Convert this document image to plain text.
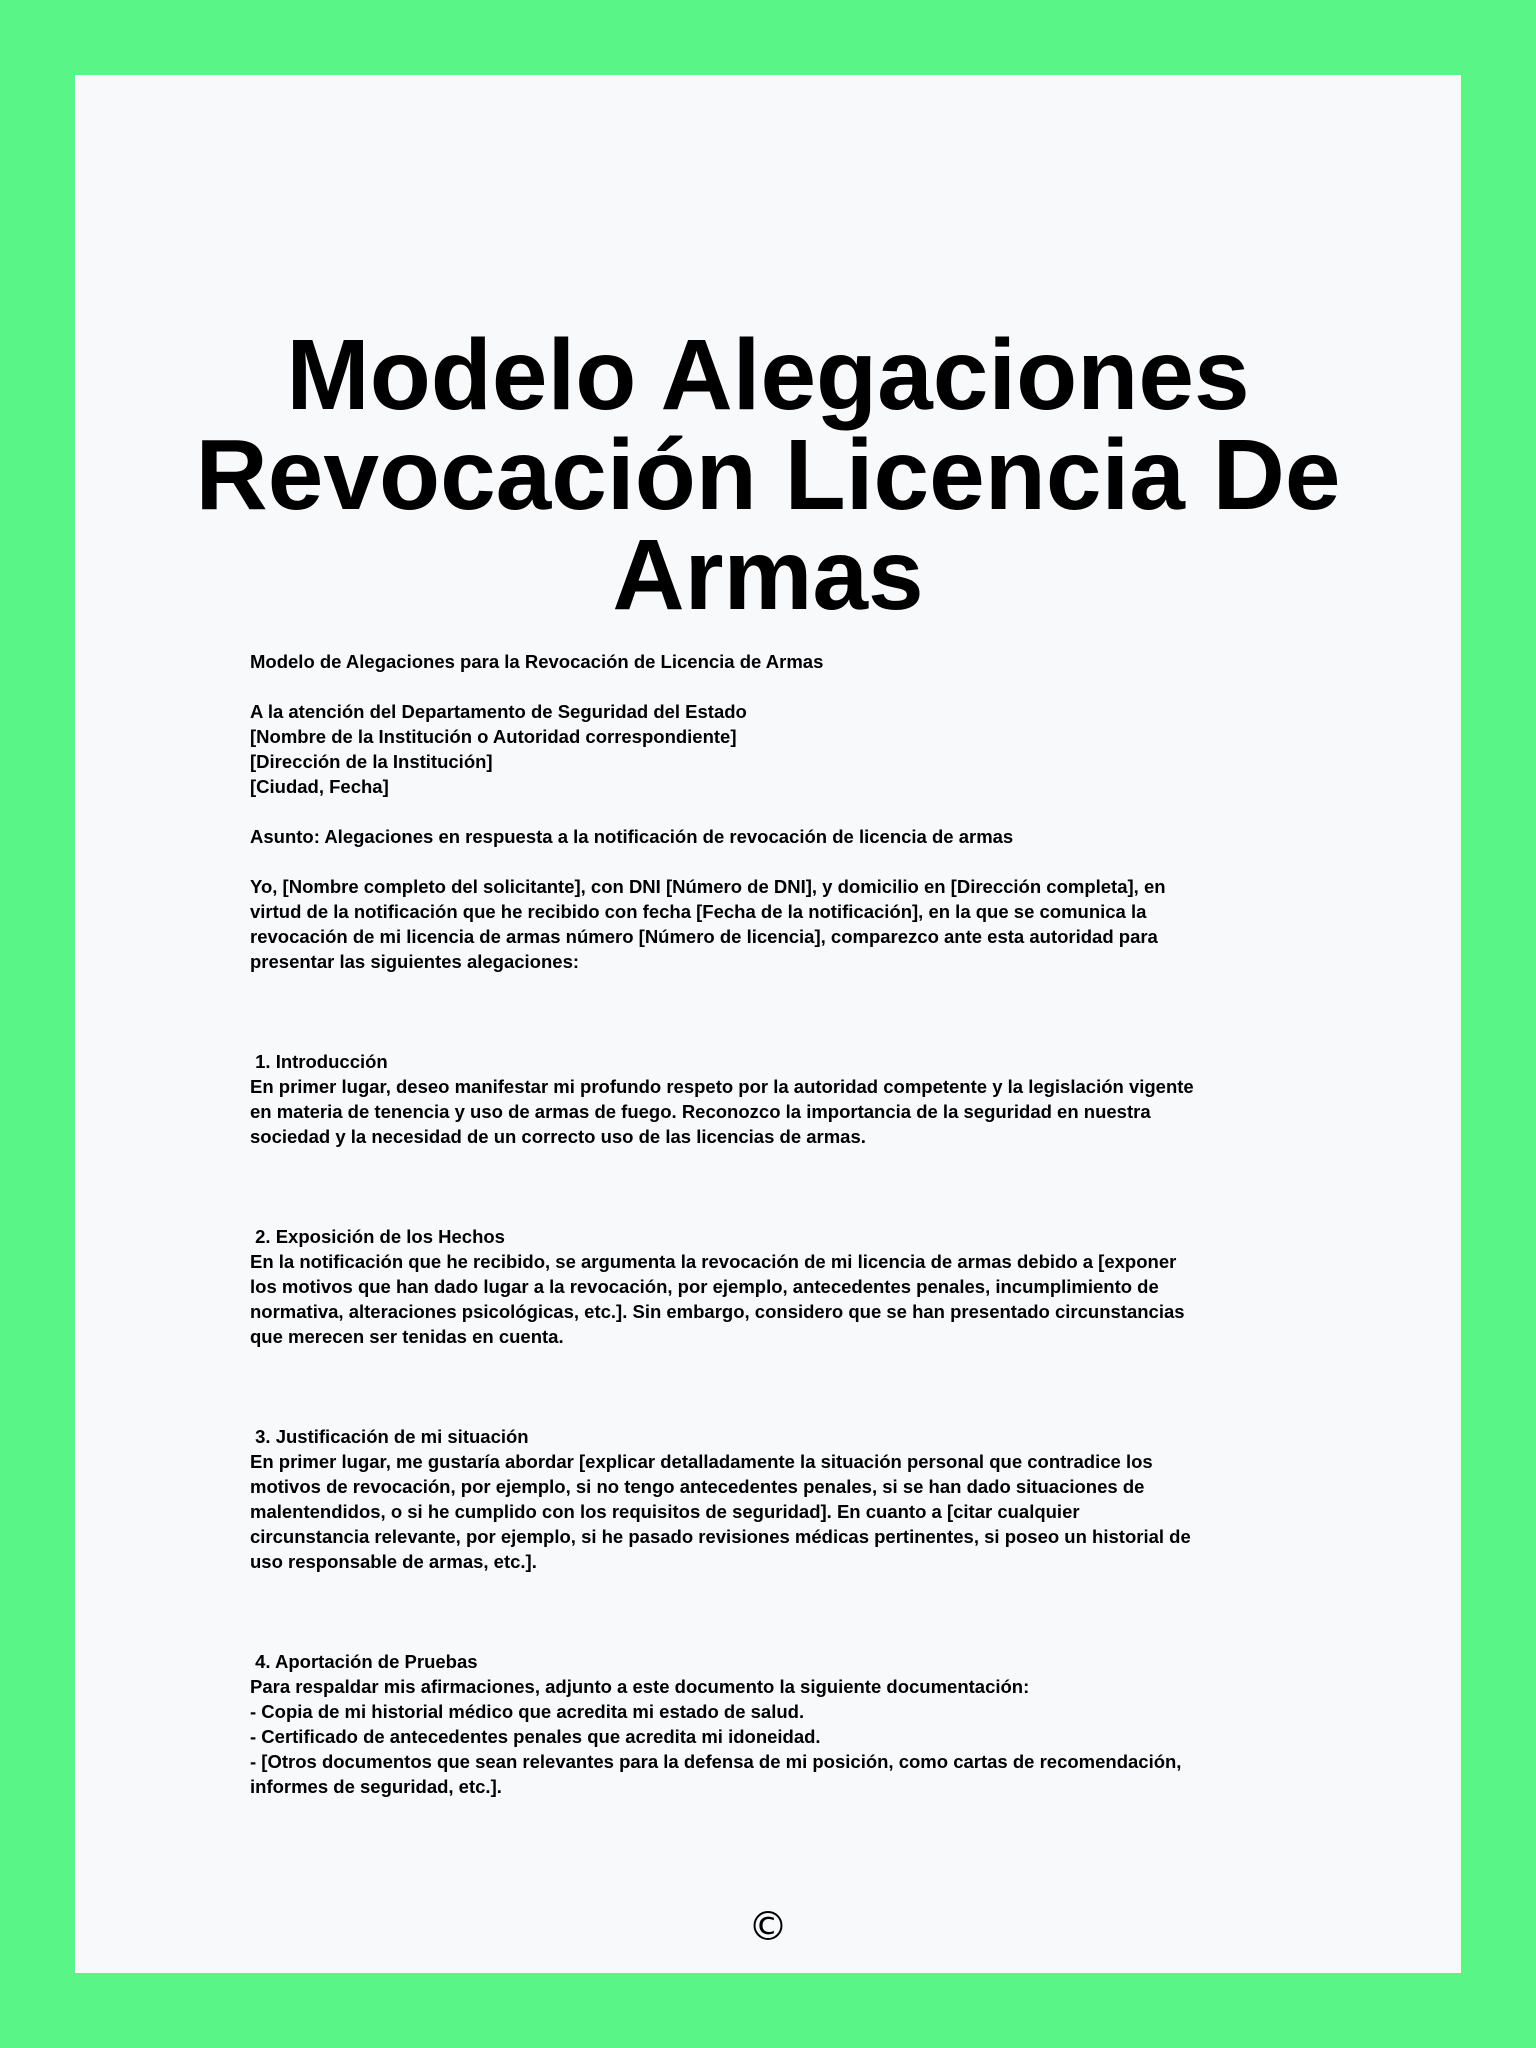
Modelo Alegaciones
Revocación Licencia De
Armas
Modelo de Alegaciones para la Revocación de Licencia de Armas
A la atención del Departamento de Seguridad del Estado
[Nombre de la Institución o Autoridad correspondiente]
[Dirección de la Institución]
[Ciudad, Fecha]
Asunto: Alegaciones en respuesta a la notificación de revocación de licencia de armas
Yo, [Nombre completo del solicitante], con DNI [Número de DNI], y domicilio en [Dirección completa], en
virtud de la notificación que he recibido con fecha [Fecha de la notificación], en la que se comunica la
revocación de mi licencia de armas número [Número de licencia], comparezco ante esta autoridad para
presentar las siguientes alegaciones:
1. Introducción
En primer lugar, deseo manifestar mi profundo respeto por la autoridad competente y la legislación vigente
en materia de tenencia y uso de armas de fuego. Reconozco la importancia de la seguridad en nuestra
sociedad y la necesidad de un correcto uso de las licencias de armas.
2. Exposición de los Hechos
En la notificación que he recibido, se argumenta la revocación de mi licencia de armas debido a [exponer
los motivos que han dado lugar a la revocación, por ejemplo, antecedentes penales, incumplimiento de
normativa, alteraciones psicológicas, etc.]. Sin embargo, considero que se han presentado circunstancias
que merecen ser tenidas en cuenta.
3. Justificación de mi situación
En primer lugar, me gustaría abordar [explicar detalladamente la situación personal que contradice los
motivos de revocación, por ejemplo, si no tengo antecedentes penales, si se han dado situaciones de
malentendidos, o si he cumplido con los requisitos de seguridad]. En cuanto a [citar cualquier
circunstancia relevante, por ejemplo, si he pasado revisiones médicas pertinentes, si poseo un historial de
uso responsable de armas, etc.].
4. Aportación de Pruebas
Para respaldar mis afirmaciones, adjunto a este documento la siguiente documentación:
- Copia de mi historial médico que acredita mi estado de salud.
- Certificado de antecedentes penales que acredita mi idoneidad.
- [Otros documentos que sean relevantes para la defensa de mi posición, como cartas de recomendación,
informes de seguridad, etc.].
©
